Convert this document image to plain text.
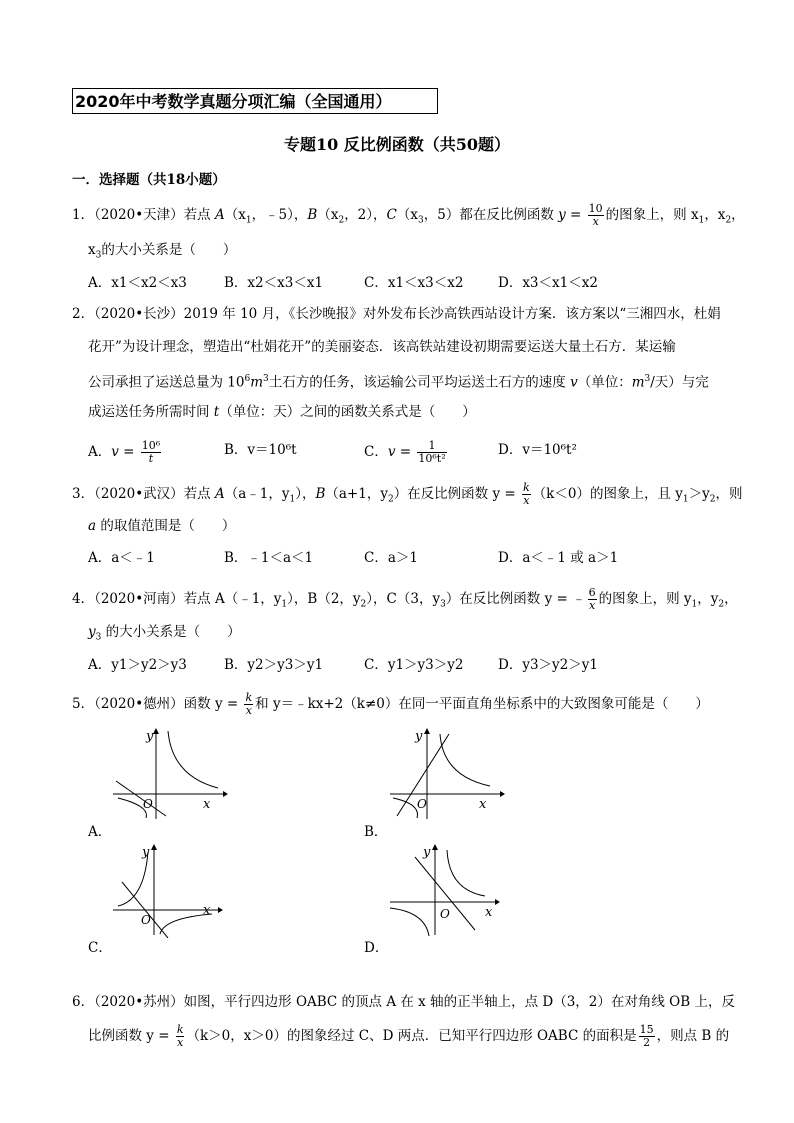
2020年中考数学真题分项汇编（全国通用）
专题10 反比例函数（共50题）
一．选择题（共18小题）
1．（2020•天津）若点 $A(x_1$，﹣5），$B(x_2$，2），$C(x_3$，5）都在反比例函数 $y = \frac{10}{x}$ 的图象上，则 $x_1$，$x_2$，
$x_3$的大小关系是（　　）
A．x1＜x2＜x3	B．x2＜x3＜x1	C．x1＜x3＜x2	D．x3＜x1＜x2
2．（2020•长沙）2019 年 10 月，《长沙晚报》对外发布长沙高铁西站设计方案．该方案以“三湘四水，杜娟
花开”为设计理念，塑造出“杜娟花开”的美丽姿态．该高铁站建设初期需要运送大量土石方．某运输
公司承担了运送总量为 $10^6m^3$土石方的任务，该运输公司平均运送土石方的速度 v（单位：$m^3/$天）与完
成运送任务所需时间 t（单位：天）之间的函数关系式是（　　）
A．$v = \frac{\text{10⁶}}{t}$	B．v＝10⁶t	C．$v = \frac{1}{\text{10⁶t²}}$	D．v＝10⁶t²
3．（2020•武汉）若点 A（a﹣1，$y_1$），B（a+1，$y_2$）在反比例函数 $y = \frac{k}{x} (k<0)$的图象上，且 $y_1>y_2$，则
a 的取值范围是（　　）
A．a＜﹣1	B．﹣1＜a＜1	C．a＞1	D．a＜﹣1 或 a＞1
4．（2020•河南）若点 A（﹣1，$y_1$），B（2，$y_2$），C（3，$y_3$）在反比例函数 y = ﹣ $\frac{6}{x}$ 的图象上，则 $y_1$，$y_2$，
$y_3$ 的大小关系是（　　）
A．y1＞y2＞y3	B．y2＞y3＞y1	C．y1＞y3＞y2	D．y3＞y2＞y1
5．（2020•德州）函数 $y = \frac{k}{x}$ 和 y＝﹣kx+2（k≠0）在同一平面直角坐标系中的大致图象可能是（　　）
y
x
O
A．
y
x
O
B．
y
x
O
C．
y
x
O
D．
6．（2020•苏州）如图，平行四边形 OABC 的顶点 A 在 x 轴的正半轴上，点 D（3，2）在对角线 OB 上，反
比例函数 $y = \frac{k}{x} (k>0$，x＞0）的图象经过 C、D 两点．已知平行四边形 OABC 的面积是 $\frac{15}{2}$ ，则点 B 的
